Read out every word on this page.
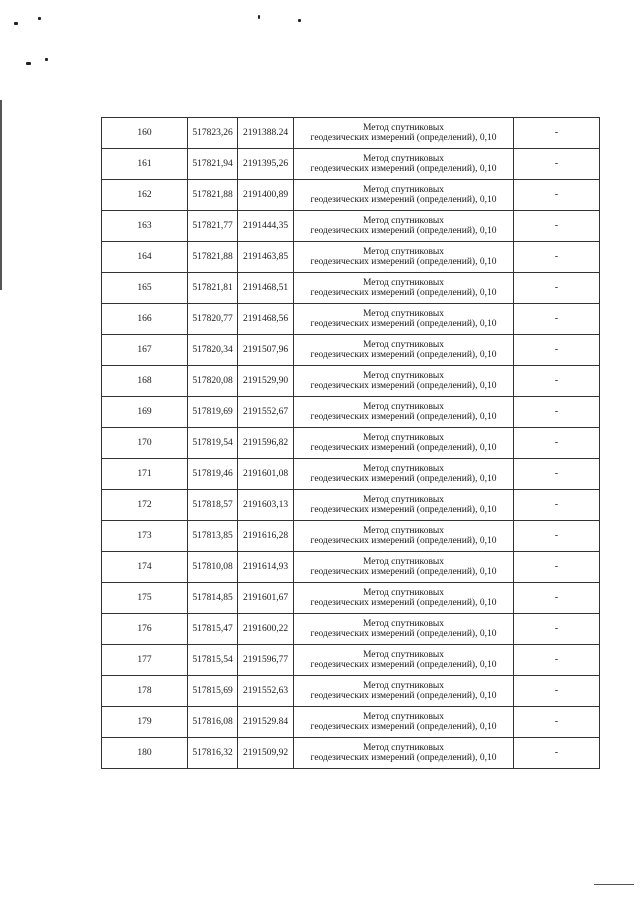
160	517823,26	2191388.24	Метод спутниковых
геодезических измерений (определений), 0,10	-
161	517821,94	2191395,26	Метод спутниковых
геодезических измерений (определений), 0,10	-
162	517821,88	2191400,89	Метод спутниковых
геодезических измерений (определений), 0,10	-
163	517821,77	2191444,35	Метод спутниковых
геодезических измерений (определений), 0,10	-
164	517821,88	2191463,85	Метод спутниковых
геодезических измерений (определений), 0,10	-
165	517821,81	2191468,51	Метод спутниковых
геодезических измерений (определений), 0,10	-
166	517820,77	2191468,56	Метод спутниковых
геодезических измерений (определений), 0,10	-
167	517820,34	2191507,96	Метод спутниковых
геодезических измерений (определений), 0,10	-
168	517820,08	2191529,90	Метод спутниковых
геодезических измерений (определений), 0,10	-
169	517819,69	2191552,67	Метод спутниковых
геодезических измерений (определений), 0,10	-
170	517819,54	2191596,82	Метод спутниковых
геодезических измерений (определений), 0,10	-
171	517819,46	2191601,08	Метод спутниковых
геодезических измерений (определений), 0,10	-
172	517818,57	2191603,13	Метод спутниковых
геодезических измерений (определений), 0,10	-
173	517813,85	2191616,28	Метод спутниковых
геодезических измерений (определений), 0,10	-
174	517810,08	2191614,93	Метод спутниковых
геодезических измерений (определений), 0,10	-
175	517814,85	2191601,67	Метод спутниковых
геодезических измерений (определений), 0,10	-
176	517815,47	2191600,22	Метод спутниковых
геодезических измерений (определений), 0,10	-
177	517815,54	2191596,77	Метод спутниковых
геодезических измерений (определений), 0,10	-
178	517815,69	2191552,63	Метод спутниковых
геодезических измерений (определений), 0,10	-
179	517816,08	2191529.84	Метод спутниковых
геодезических измерений (определений), 0,10	-
180	517816,32	2191509,92	Метод спутниковых
геодезических измерений (определений), 0,10	-
